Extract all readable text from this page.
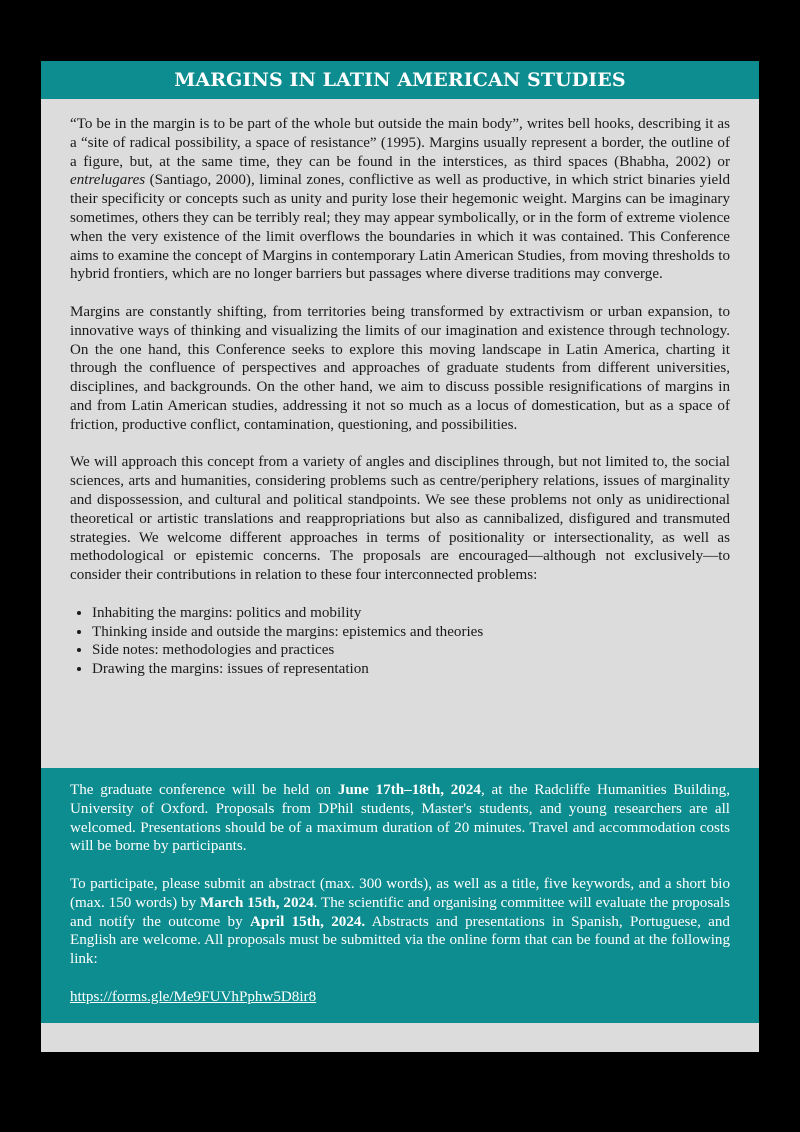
MARGINS IN LATIN AMERICAN STUDIES

“To be in the margin is to be part of the whole but outside the main body”, writes bell hooks, describing it as a “site of radical possibility, a space of resistance” (1995). Margins usually represent a border, the outline of a figure, but, at the same time, they can be found in the interstices, as third spaces (Bhabha, 2002) or entrelugares (Santiago, 2000), liminal zones, conflictive as well as productive, in which strict binaries yield their specificity or concepts such as unity and purity lose their hegemonic weight. Margins can be imaginary sometimes, others they can be terribly real; they may appear symbolically, or in the form of extreme violence when the very existence of the limit overflows the boundaries in which it was contained. This Conference aims to examine the concept of Margins in contemporary Latin American Studies, from moving thresholds to hybrid frontiers, which are no longer barriers but passages where diverse traditions may converge.

Margins are constantly shifting, from territories being transformed by extractivism or urban expansion, to innovative ways of thinking and visualizing the limits of our imagination and existence through technology. On the one hand, this Conference seeks to explore this moving landscape in Latin America, charting it through the confluence of perspectives and approaches of graduate students from different universities, disciplines, and backgrounds. On the other hand, we aim to discuss possible resignifications of margins in and from Latin American studies, addressing it not so much as a locus of domestication, but as a space of friction, productive conflict, contamination, questioning, and possibilities.

We will approach this concept from a variety of angles and disciplines through, but not limited to, the social sciences, arts and humanities, considering problems such as centre/periphery relations, issues of marginality and dispossession, and cultural and political standpoints. We see these problems not only as unidirectional theoretical or artistic translations and reappropriations but also as cannibalized, disfigured and transmuted strategies. We welcome different approaches in terms of positionality or intersectionality, as well as methodological or epistemic concerns. The proposals are encouraged—although not exclusively—to consider their contributions in relation to these four interconnected problems:

• Inhabiting the margins: politics and mobility
• Thinking inside and outside the margins: epistemics and theories
• Side notes: methodologies and practices
• Drawing the margins: issues of representation

The graduate conference will be held on June 17th–18th, 2024, at the Radcliffe Humanities Building, University of Oxford. Proposals from DPhil students, Master's students, and young researchers are all welcomed. Presentations should be of a maximum duration of 20 minutes. Travel and accommodation costs will be borne by participants.

To participate, please submit an abstract (max. 300 words), as well as a title, five keywords, and a short bio (max. 150 words) by March 15th, 2024. The scientific and organising committee will evaluate the proposals and notify the outcome by April 15th, 2024. Abstracts and presentations in Spanish, Portuguese, and English are welcome. All proposals must be submitted via the online form that can be found at the following link:

https://forms.gle/Me9FUVhPphw5D8ir8
